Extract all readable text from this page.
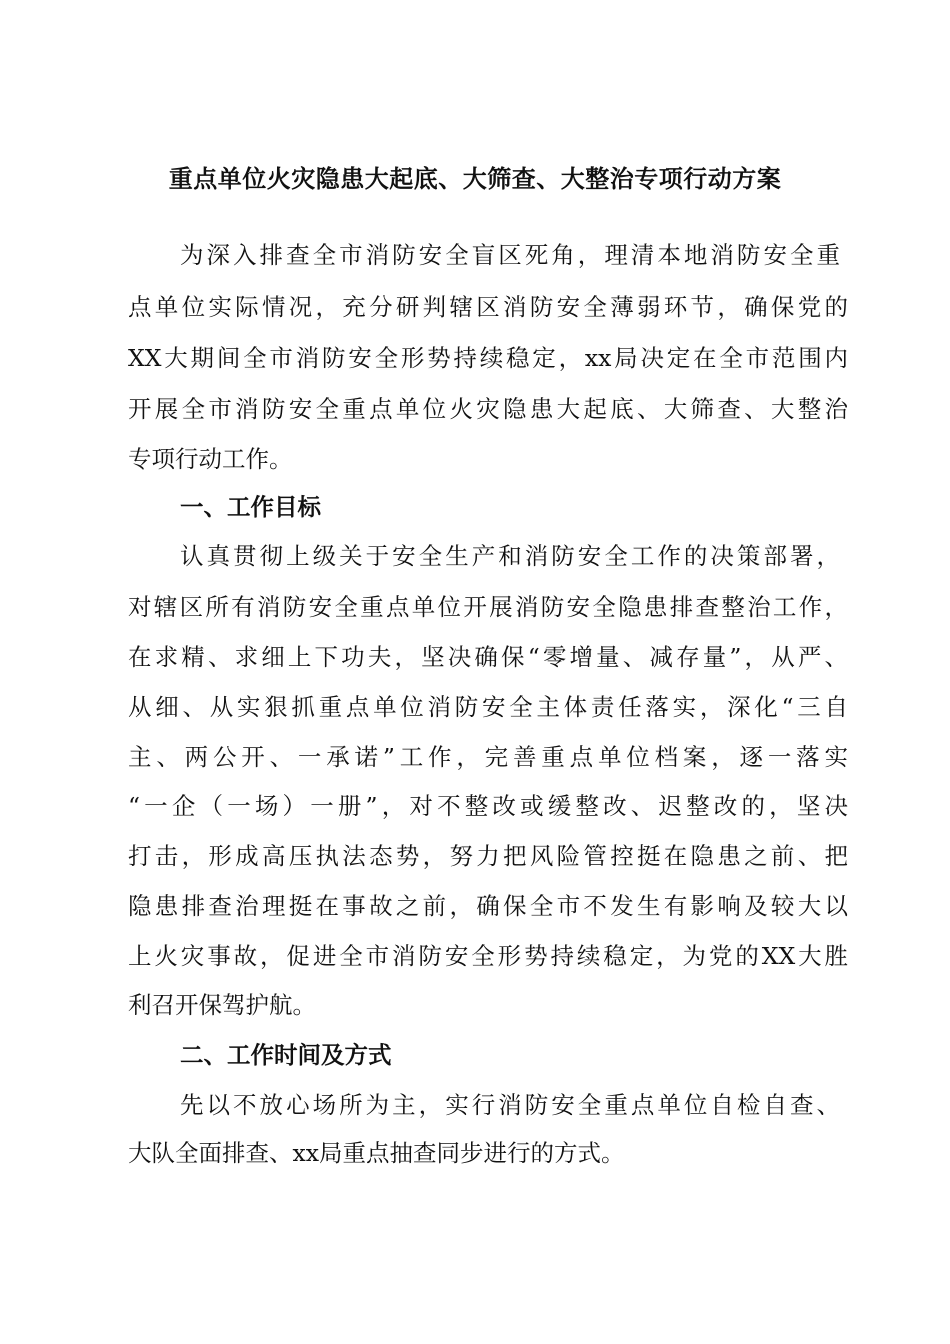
重点单位火灾隐患大起底、大筛查、大整治专项行动方案
为深入排查全市消防安全盲区死角，理清本地消防安全重
点单位实际情况，充分研判辖区消防安全薄弱环节，确保党的
XX大期间全市消防安全形势持续稳定，xx局决定在全市范围内
开展全市消防安全重点单位火灾隐患大起底、大筛查、大整治
专项行动工作。
一、工作目标
认真贯彻上级关于安全生产和消防安全工作的决策部署，
对辖区所有消防安全重点单位开展消防安全隐患排查整治工作，
在求精、求细上下功夫，坚决确保“零增量、减存量”，从严、
从细、从实狠抓重点单位消防安全主体责任落实，深化“三自
主、两公开、一承诺”工作，完善重点单位档案，逐一落实
“一企（一场）一册”，对不整改或缓整改、迟整改的，坚决
打击，形成高压执法态势，努力把风险管控挺在隐患之前、把
隐患排查治理挺在事故之前，确保全市不发生有影响及较大以
上火灾事故，促进全市消防安全形势持续稳定，为党的XX大胜
利召开保驾护航。
二、工作时间及方式
先以不放心场所为主，实行消防安全重点单位自检自查、
大队全面排查、xx局重点抽查同步进行的方式。
